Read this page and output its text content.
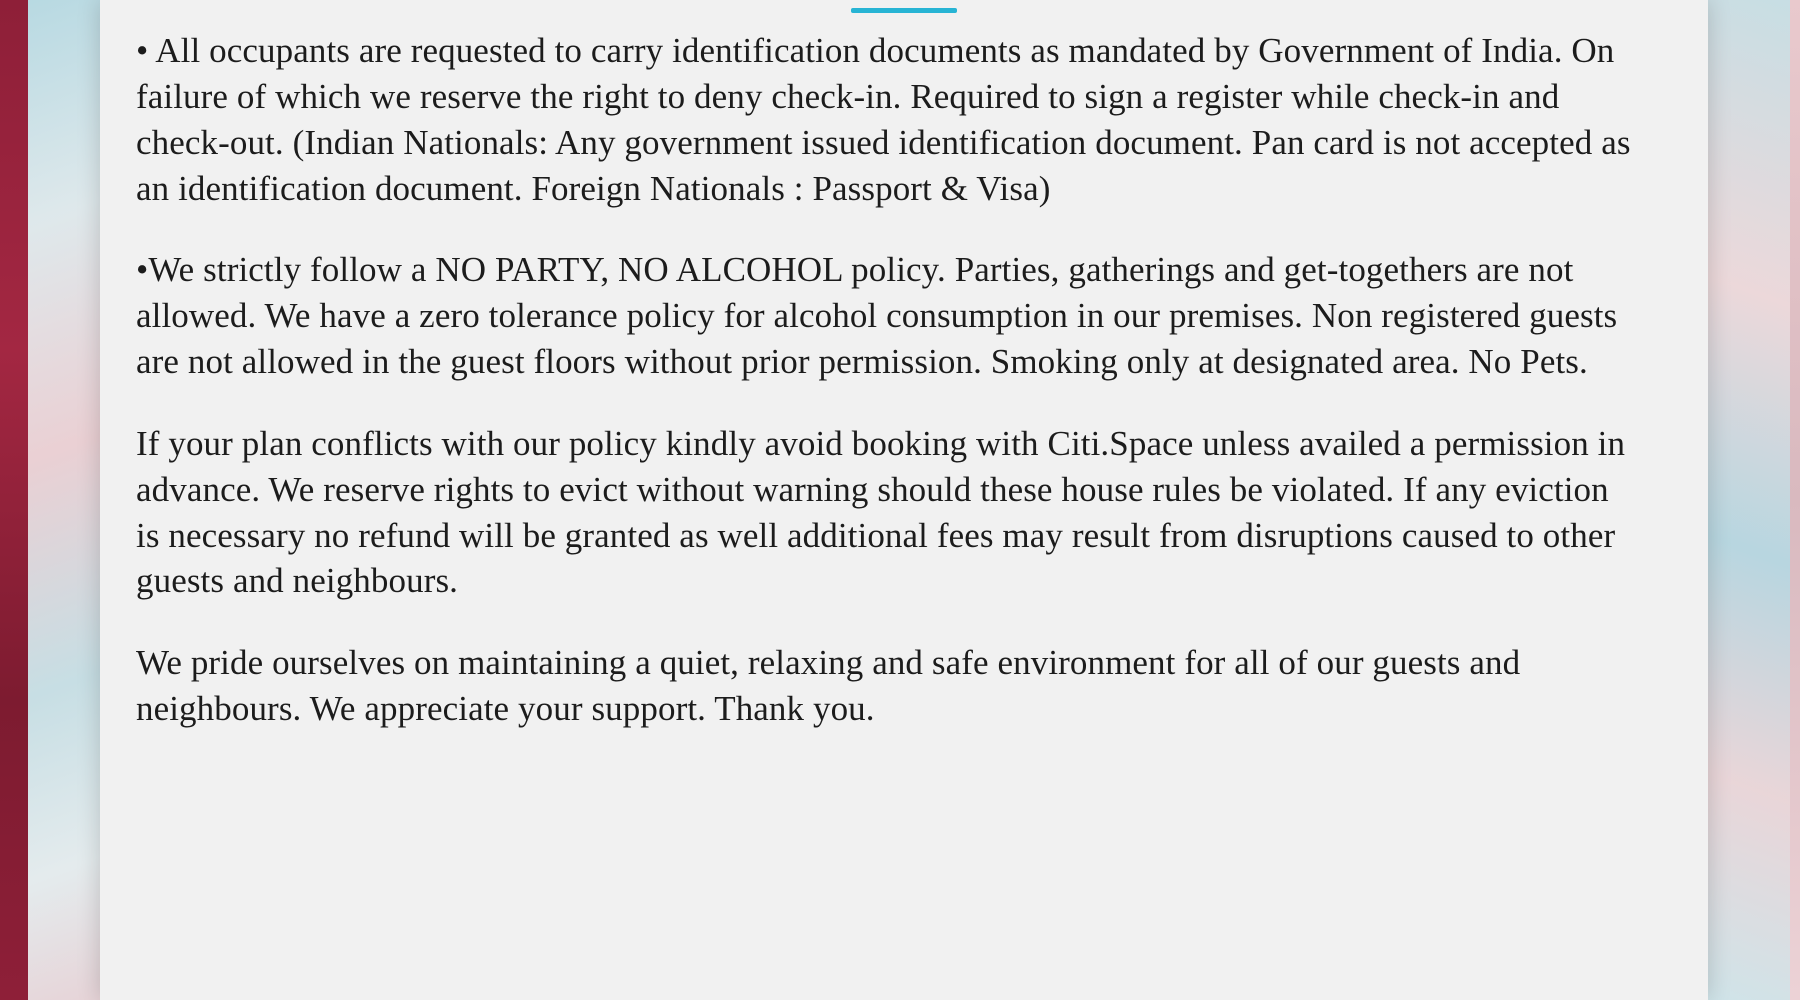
• All occupants are requested to carry identification documents as mandated by Government of India. On failure of which we reserve the right to deny check-in. Required to sign a register while check-in and check-out. (Indian Nationals: Any government issued identification document. Pan card is not accepted as an identification document. Foreign Nationals : Passport & Visa)

•We strictly follow a NO PARTY, NO ALCOHOL policy. Parties, gatherings and get-togethers are not allowed. We have a zero tolerance policy for alcohol consumption in our premises. Non registered guests are not allowed in the guest floors without prior permission. Smoking only at designated area. No Pets.

If your plan conflicts with our policy kindly avoid booking with Citi.Space unless availed a permission in advance. We reserve rights to evict without warning should these house rules be violated. If any eviction is necessary no refund will be granted as well additional fees may result from disruptions caused to other guests and neighbours.

We pride ourselves on maintaining a quiet, relaxing and safe environment for all of our guests and neighbours. We appreciate your support. Thank you.
